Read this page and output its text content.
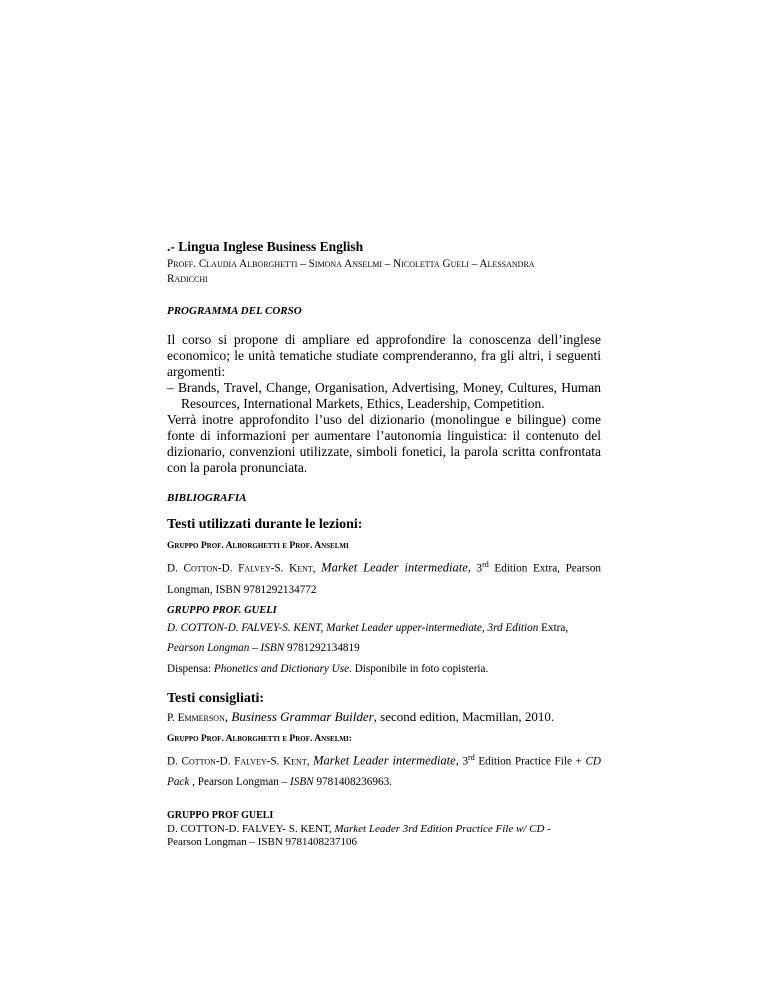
.- Lingua Inglese Business English
Proff. Claudia Alborghetti – Simona Anselmi – Nicoletta Gueli – Alessandra
Radicchi
PROGRAMMA DEL CORSO

Il corso si propone di ampliare ed approfondire la conoscenza dell’inglese economico; le unità tematiche studiate comprenderanno, fra gli altri, i seguenti argomenti:

– Brands, Travel, Change, Organisation, Advertising, Money, Cultures, Human Resources, International Markets, Ethics, Leadership, Competition.

Verrà inotre approfondito l’uso del dizionario (monolingue e bilingue) come fonte di informazioni per aumentare l’autonomia linguistica: il contenuto del dizionario, convenzioni utilizzate, simboli fonetici, la parola scritta confrontata con la parola pronunciata.

BIBLIOGRAFIA
Testi utilizzati durante le lezioni:
Gruppo Prof. Alborghetti e Prof. Anselmi
D. Cotton-D. Falvey-S. Kent, Market Leader intermediate, 3rd Edition Extra, Pearson Longman, ISBN 9781292134772
GRUPPO PROF. GUELI
D. COTTON-D. FALVEY-S. KENT, Market Leader upper-intermediate, 3rd Edition Extra,
Pearson Longman – ISBN 9781292134819
Dispensa: Phonetics and Dictionary Use. Disponibile in foto copisteria.
Testi consigliati:
P. Emmerson, Business Grammar Builder, second edition, Macmillan, 2010.
Gruppo Prof. Alborghetti e Prof. Anselmi:
D. Cotton-D. Falvey-S. Kent, Market Leader intermediate, 3rd Edition Practice File + CD Pack , Pearson Longman – ISBN 9781408236963.
GRUPPO PROF GUELI
D. COTTON-D. FALVEY- S. KENT, Market Leader 3rd Edition Practice File w/ CD -
Pearson Longman – ISBN 9781408237106
